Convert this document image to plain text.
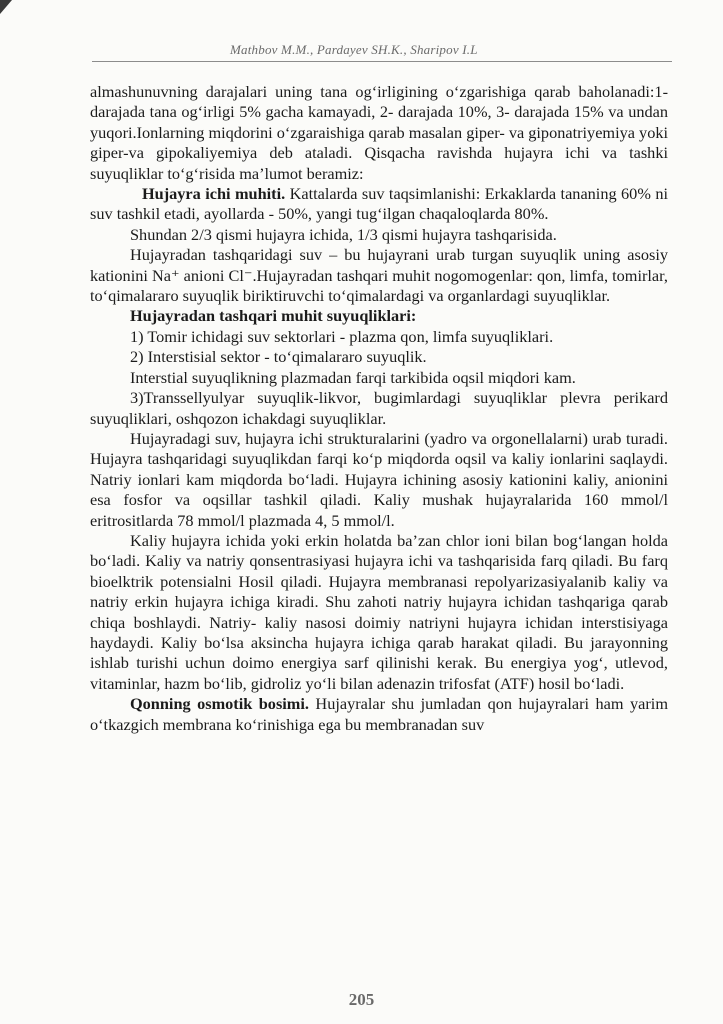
Mathbov M.M., Pardayev SH.K., Sharipov I.L

almashunuvning darajalari uning tana og‘irligining o‘zgarishiga qarab baholanadi:1-darajada tana og‘irligi 5% gacha kamayadi, 2- darajada 10%, 3- darajada 15% va undan yuqori.Ionlarning miqdorini o‘zgaraishiga qarab masalan giper- va giponatriyemiya yoki giper-va gipokaliyemiya deb ataladi. Qisqacha ravishda hujayra ichi va tashki suyuqliklar to‘g‘risida ma’lumot beramiz:

Hujayra ichi muhiti. Kattalarda suv taqsimlanishi: Erkaklarda tananing 60% ni suv tashkil etadi, ayollarda - 50%, yangi tug‘ilgan chaqaloqlarda 80%.

Shundan 2/3 qismi hujayra ichida, 1/3 qismi hujayra tashqarisida.

Hujayradan tashqaridagi suv – bu hujayrani urab turgan suyuqlik uning asosiy kationini Na⁺ anioni Cl⁻.Hujayradan tashqari muhit nogomogenlar: qon, limfa, tomirlar, to‘qimalararo suyuqlik biriktiruvchi to‘qimalardagi va organlardagi suyuqliklar.

Hujayradan tashqari muhit suyuqliklari:

1) Tomir ichidagi suv sektorlari - plazma qon, limfa suyuqliklari.

2) Interstisial sektor - to‘qimalararo suyuqlik.

Interstial suyuqlikning plazmadan farqi tarkibida oqsil miqdori kam.

3)Transsellyulyar suyuqlik-likvor, bugimlardagi suyuqliklar plevra perikard suyuqliklari, oshqozon ichakdagi suyuqliklar.

Hujayradagi suv, hujayra ichi strukturalarini (yadro va orgonellalarni) urab turadi. Hujayra tashqaridagi suyuqlikdan farqi ko‘p miqdorda oqsil va kaliy ionlarini saqlaydi. Natriy ionlari kam miqdorda bo‘ladi. Hujayra ichining asosiy kationini kaliy, anionini esa fosfor va oqsillar tashkil qiladi. Kaliy mushak hujayralarida 160 mmol/l eritrositlarda 78 mmol/l plazmada 4, 5 mmol/l.

Kaliy hujayra ichida yoki erkin holatda ba’zan chlor ioni bilan bog‘langan holda bo‘ladi. Kaliy va natriy qonsentrasiyasi hujayra ichi va tashqarisida farq qiladi. Bu farq bioelktrik potensialni Hosil qiladi. Hujayra membranasi repolyarizasiyalanib kaliy va natriy erkin hujayra ichiga kiradi. Shu zahoti natriy hujayra ichidan tashqariga qarab chiqa boshlaydi. Natriy- kaliy nasosi doimiy natriyni hujayra ichidan interstisiyaga haydaydi. Kaliy bo‘lsa aksincha hujayra ichiga qarab harakat qiladi. Bu jarayonning ishlab turishi uchun doimo energiya sarf qilinishi kerak. Bu energiya yog‘, utlevod, vitaminlar, hazm bo‘lib, gidroliz yo‘li bilan adenazin trifosfat (ATF) hosil bo‘ladi.

Qonning osmotik bosimi. Hujayralar shu jumladan qon hujayralari ham yarim o‘tkazgich membrana ko‘rinishiga ega bu membranadan suv

205
